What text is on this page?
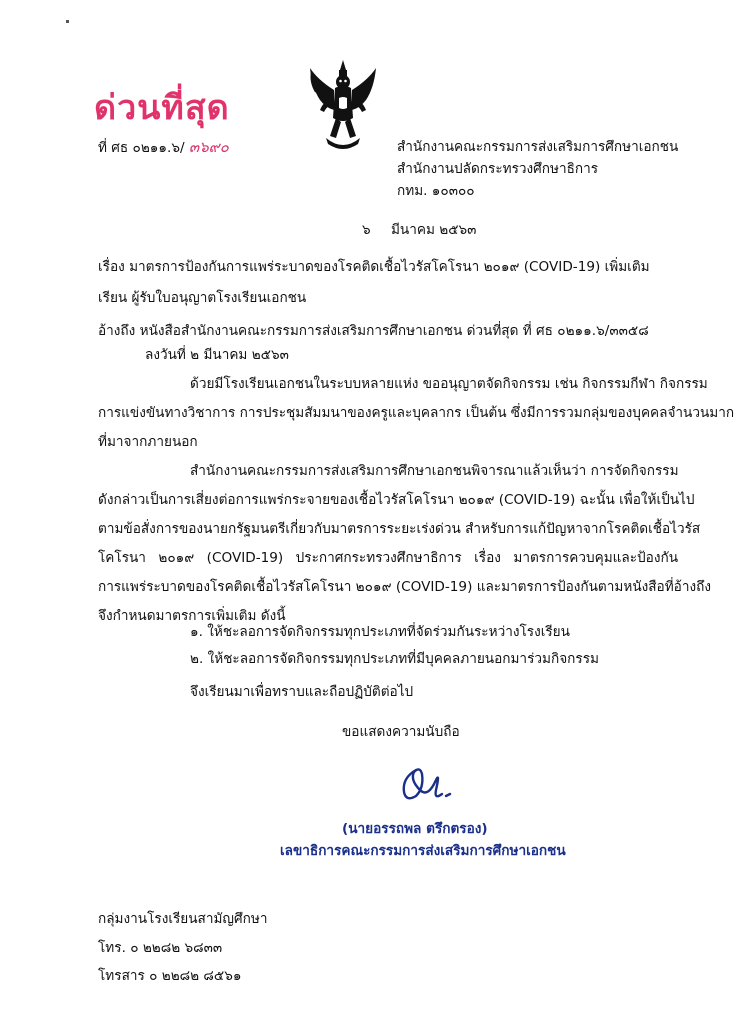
ด่วนที่สุด
ที่ ศธ ๐๒๑๑.๖/ ๓๖๙๐	สำนักงานคณะกรรมการส่งเสริมการศึกษาเอกชน
สำนักงานปลัดกระทรวงศึกษาธิการ
กทม. ๑๐๓๐๐
๖ มีนาคม ๒๕๖๓
เรื่อง มาตรการป้องกันการแพร่ระบาดของโรคติดเชื้อไวรัสโคโรนา ๒๐๑๙ (COVID-19) เพิ่มเติม
เรียน ผู้รับใบอนุญาตโรงเรียนเอกชน
อ้างถึง หนังสือสำนักงานคณะกรรมการส่งเสริมการศึกษาเอกชน ด่วนที่สุด ที่ ศธ ๐๒๑๑.๖/๓๓๕๘
ลงวันที่ ๒ มีนาคม ๒๕๖๓
ด้วยมีโรงเรียนเอกชนในระบบหลายแห่ง ขออนุญาตจัดกิจกรรม เช่น กิจกรรมกีฬา กิจกรรม
การแข่งขันทางวิชาการ การประชุมสัมมนาของครูและบุคลากร เป็นต้น ซึ่งมีการรวมกลุ่มของบุคคลจำนวนมาก
ที่มาจากภายนอก
สำนักงานคณะกรรมการส่งเสริมการศึกษาเอกชนพิจารณาแล้วเห็นว่า การจัดกิจกรรม
ดังกล่าวเป็นการเสี่ยงต่อการแพร่กระจายของเชื้อไวรัสโคโรนา ๒๐๑๙ (COVID-19) ฉะนั้น เพื่อให้เป็นไป
ตามข้อสั่งการของนายกรัฐมนตรีเกี่ยวกับมาตรการระยะเร่งด่วน สำหรับการแก้ปัญหาจากโรคติดเชื้อไวรัส
โคโรนา ๒๐๑๙ (COVID-19) ประกาศกระทรวงศึกษาธิการ เรื่อง มาตรการควบคุมและป้องกัน
การแพร่ระบาดของโรคติดเชื้อไวรัสโคโรนา ๒๐๑๙ (COVID-19) และมาตรการป้องกันตามหนังสือที่อ้างถึง
จึงกำหนดมาตรการเพิ่มเติม ดังนี้
๑. ให้ชะลอการจัดกิจกรรมทุกประเภทที่จัดร่วมกันระหว่างโรงเรียน
๒. ให้ชะลอการจัดกิจกรรมทุกประเภทที่มีบุคคลภายนอกมาร่วมกิจกรรม
จึงเรียนมาเพื่อทราบและถือปฏิบัติต่อไป
ขอแสดงความนับถือ
(นายอรรถพล ตรึกตรอง)
เลขาธิการคณะกรรมการส่งเสริมการศึกษาเอกชน
กลุ่มงานโรงเรียนสามัญศึกษา
โทร. ๐ ๒๒๘๒ ๖๘๓๓
โทรสาร ๐ ๒๒๘๒ ๘๕๖๑
